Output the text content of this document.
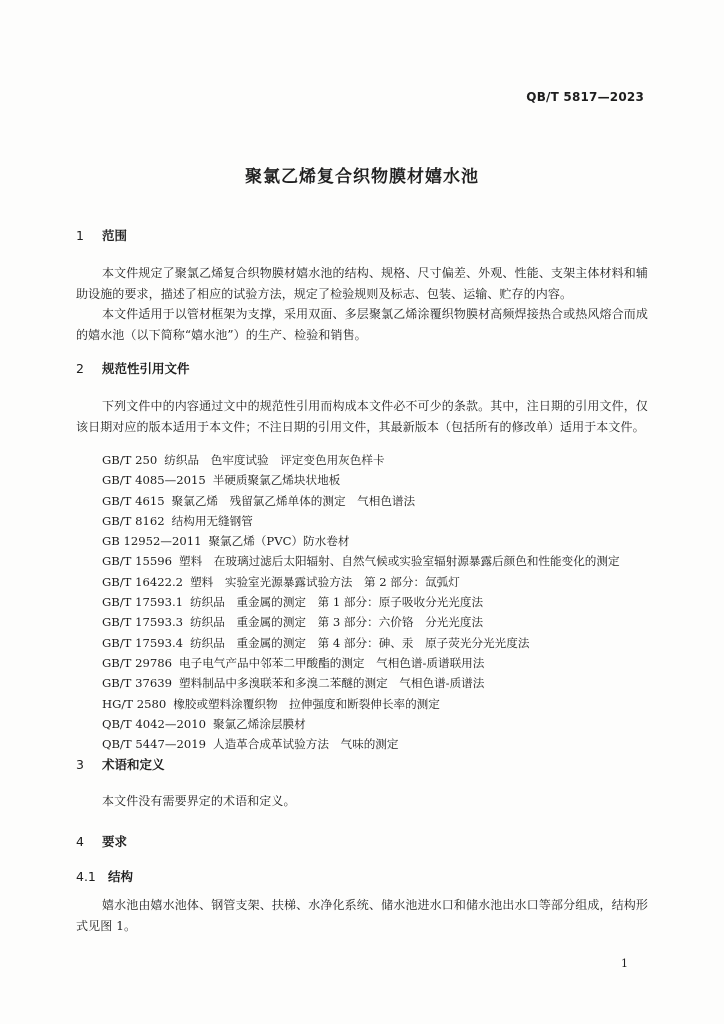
QB/T 5817—2023
聚氯乙烯复合织物膜材嬉水池
1 范围
本文件规定了聚氯乙烯复合织物膜材嬉水池的结构、规格、尺寸偏差、外观、性能、支架主体材料和辅助设施的要求，描述了相应的试验方法，规定了检验规则及标志、包装、运输、贮存的内容。
本文件适用于以管材框架为支撑，采用双面、多层聚氯乙烯涂覆织物膜材高频焊接热合或热风熔合而成的嬉水池（以下简称“嬉水池”）的生产、检验和销售。
2 规范性引用文件
下列文件中的内容通过文中的规范性引用而构成本文件必不可少的条款。其中，注日期的引用文件，仅该日期对应的版本适用于本文件；不注日期的引用文件，其最新版本（包括所有的修改单）适用于本文件。
GB/T 250 纺织品　色牢度试验　评定变色用灰色样卡
GB/T 4085—2015 半硬质聚氯乙烯块状地板
GB/T 4615 聚氯乙烯　残留氯乙烯单体的测定　气相色谱法
GB/T 8162 结构用无缝钢管
GB 12952—2011 聚氯乙烯（PVC）防水卷材
GB/T 15596 塑料　在玻璃过滤后太阳辐射、自然气候或实验室辐射源暴露后颜色和性能变化的测定
GB/T 16422.2 塑料　实验室光源暴露试验方法　第 2 部分：氙弧灯
GB/T 17593.1 纺织品　重金属的测定　第 1 部分：原子吸收分光光度法
GB/T 17593.3 纺织品　重金属的测定　第 3 部分：六价铬　分光光度法
GB/T 17593.4 纺织品　重金属的测定　第 4 部分：砷、汞　原子荧光分光光度法
GB/T 29786 电子电气产品中邻苯二甲酸酯的测定　气相色谱-质谱联用法
GB/T 37639 塑料制品中多溴联苯和多溴二苯醚的测定　气相色谱-质谱法
HG/T 2580 橡胶或塑料涂覆织物　拉伸强度和断裂伸长率的测定
QB/T 4042—2010 聚氯乙烯涂层膜材
QB/T 5447—2019 人造革合成革试验方法　气味的测定
3 术语和定义
本文件没有需要界定的术语和定义。
4 要求
4.1 结构
嬉水池由嬉水池体、钢管支架、扶梯、水净化系统、储水池进水口和储水池出水口等部分组成，结构形式见图 1。
1
